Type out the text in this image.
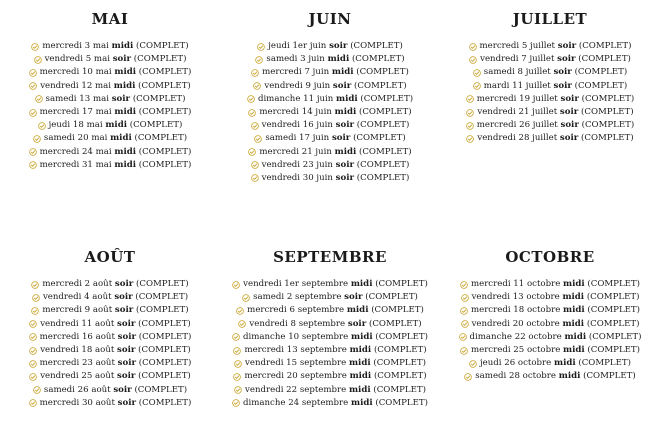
MAI
mercredi 3 mai
midi
(COMPLET)
vendredi 5 mai
soir
(COMPLET)
mercredi 10 mai
midi
(COMPLET)
vendredi 12 mai
midi
(COMPLET)
samedi 13 mai
soir
(COMPLET)
mercredi 17 mai
midi
(COMPLET)
jeudi 18 mai
midi
(COMPLET)
samedi 20 mai
midi
(COMPLET)
mercredi 24 mai
midi
(COMPLET)
mercredi 31 mai
midi
(COMPLET)
JUIN
jeudi 1er juin
soir
(COMPLET)
samedi 3 juin
midi
(COMPLET)
mercredi 7 juin
midi
(COMPLET)
vendredi 9 juin
soir
(COMPLET)
dimanche 11 juin
midi
(COMPLET)
mercredi 14 juin
midi
(COMPLET)
vendredi 16 juin
soir
(COMPLET)
samedi 17 juin
soir
(COMPLET)
mercredi 21 juin
midi
(COMPLET)
vendredi 23 juin
soir
(COMPLET)
vendredi 30 juin
soir
(COMPLET)
JUILLET
mercredi 5 juillet
soir
(COMPLET)
vendredi 7 juillet
soir
(COMPLET)
samedi 8 juillet
soir
(COMPLET)
mardi 11 juillet
soir
(COMPLET)
mercredi 19 juillet
soir
(COMPLET)
vendredi 21 juillet
soir
(COMPLET)
mercredi 26 juillet
soir
(COMPLET)
vendredi 28 juillet
soir
(COMPLET)
AOÛT
mercredi 2 août
soir
(COMPLET)
vendredi 4 août
soir
(COMPLET)
mercredi 9 août
soir
(COMPLET)
vendredi 11 août
soir
(COMPLET)
mercredi 16 août
soir
(COMPLET)
vendredi 18 août
soir
(COMPLET)
mercredi 23 août
soir
(COMPLET)
vendredi 25 août
soir
(COMPLET)
samedi 26 août
soir
(COMPLET)
mercredi 30 août
soir
(COMPLET)
SEPTEMBRE
vendredi 1er septembre
midi
(COMPLET)
samedi 2 septembre
soir
(COMPLET)
mercredi 6 septembre
midi
(COMPLET)
vendredi 8 septembre
soir
(COMPLET)
dimanche 10 septembre
midi
(COMPLET)
mercredi 13 septembre
midi
(COMPLET)
vendredi 15 septembre
midi
(COMPLET)
mercredi 20 septembre
midi
(COMPLET)
vendredi 22 septembre
midi
(COMPLET)
dimanche 24 septembre
midi
(COMPLET)
OCTOBRE
mercredi 11 octobre
midi
(COMPLET)
vendredi 13 octobre
midi
(COMPLET)
mercredi 18 octobre
midi
(COMPLET)
vendredi 20 octobre
midi
(COMPLET)
dimanche 22 octobre
midi
(COMPLET)
mercredi 25 octobre
midi
(COMPLET)
jeudi 26 octobre
midi
(COMPLET)
samedi 28 octobre
midi
(COMPLET)
